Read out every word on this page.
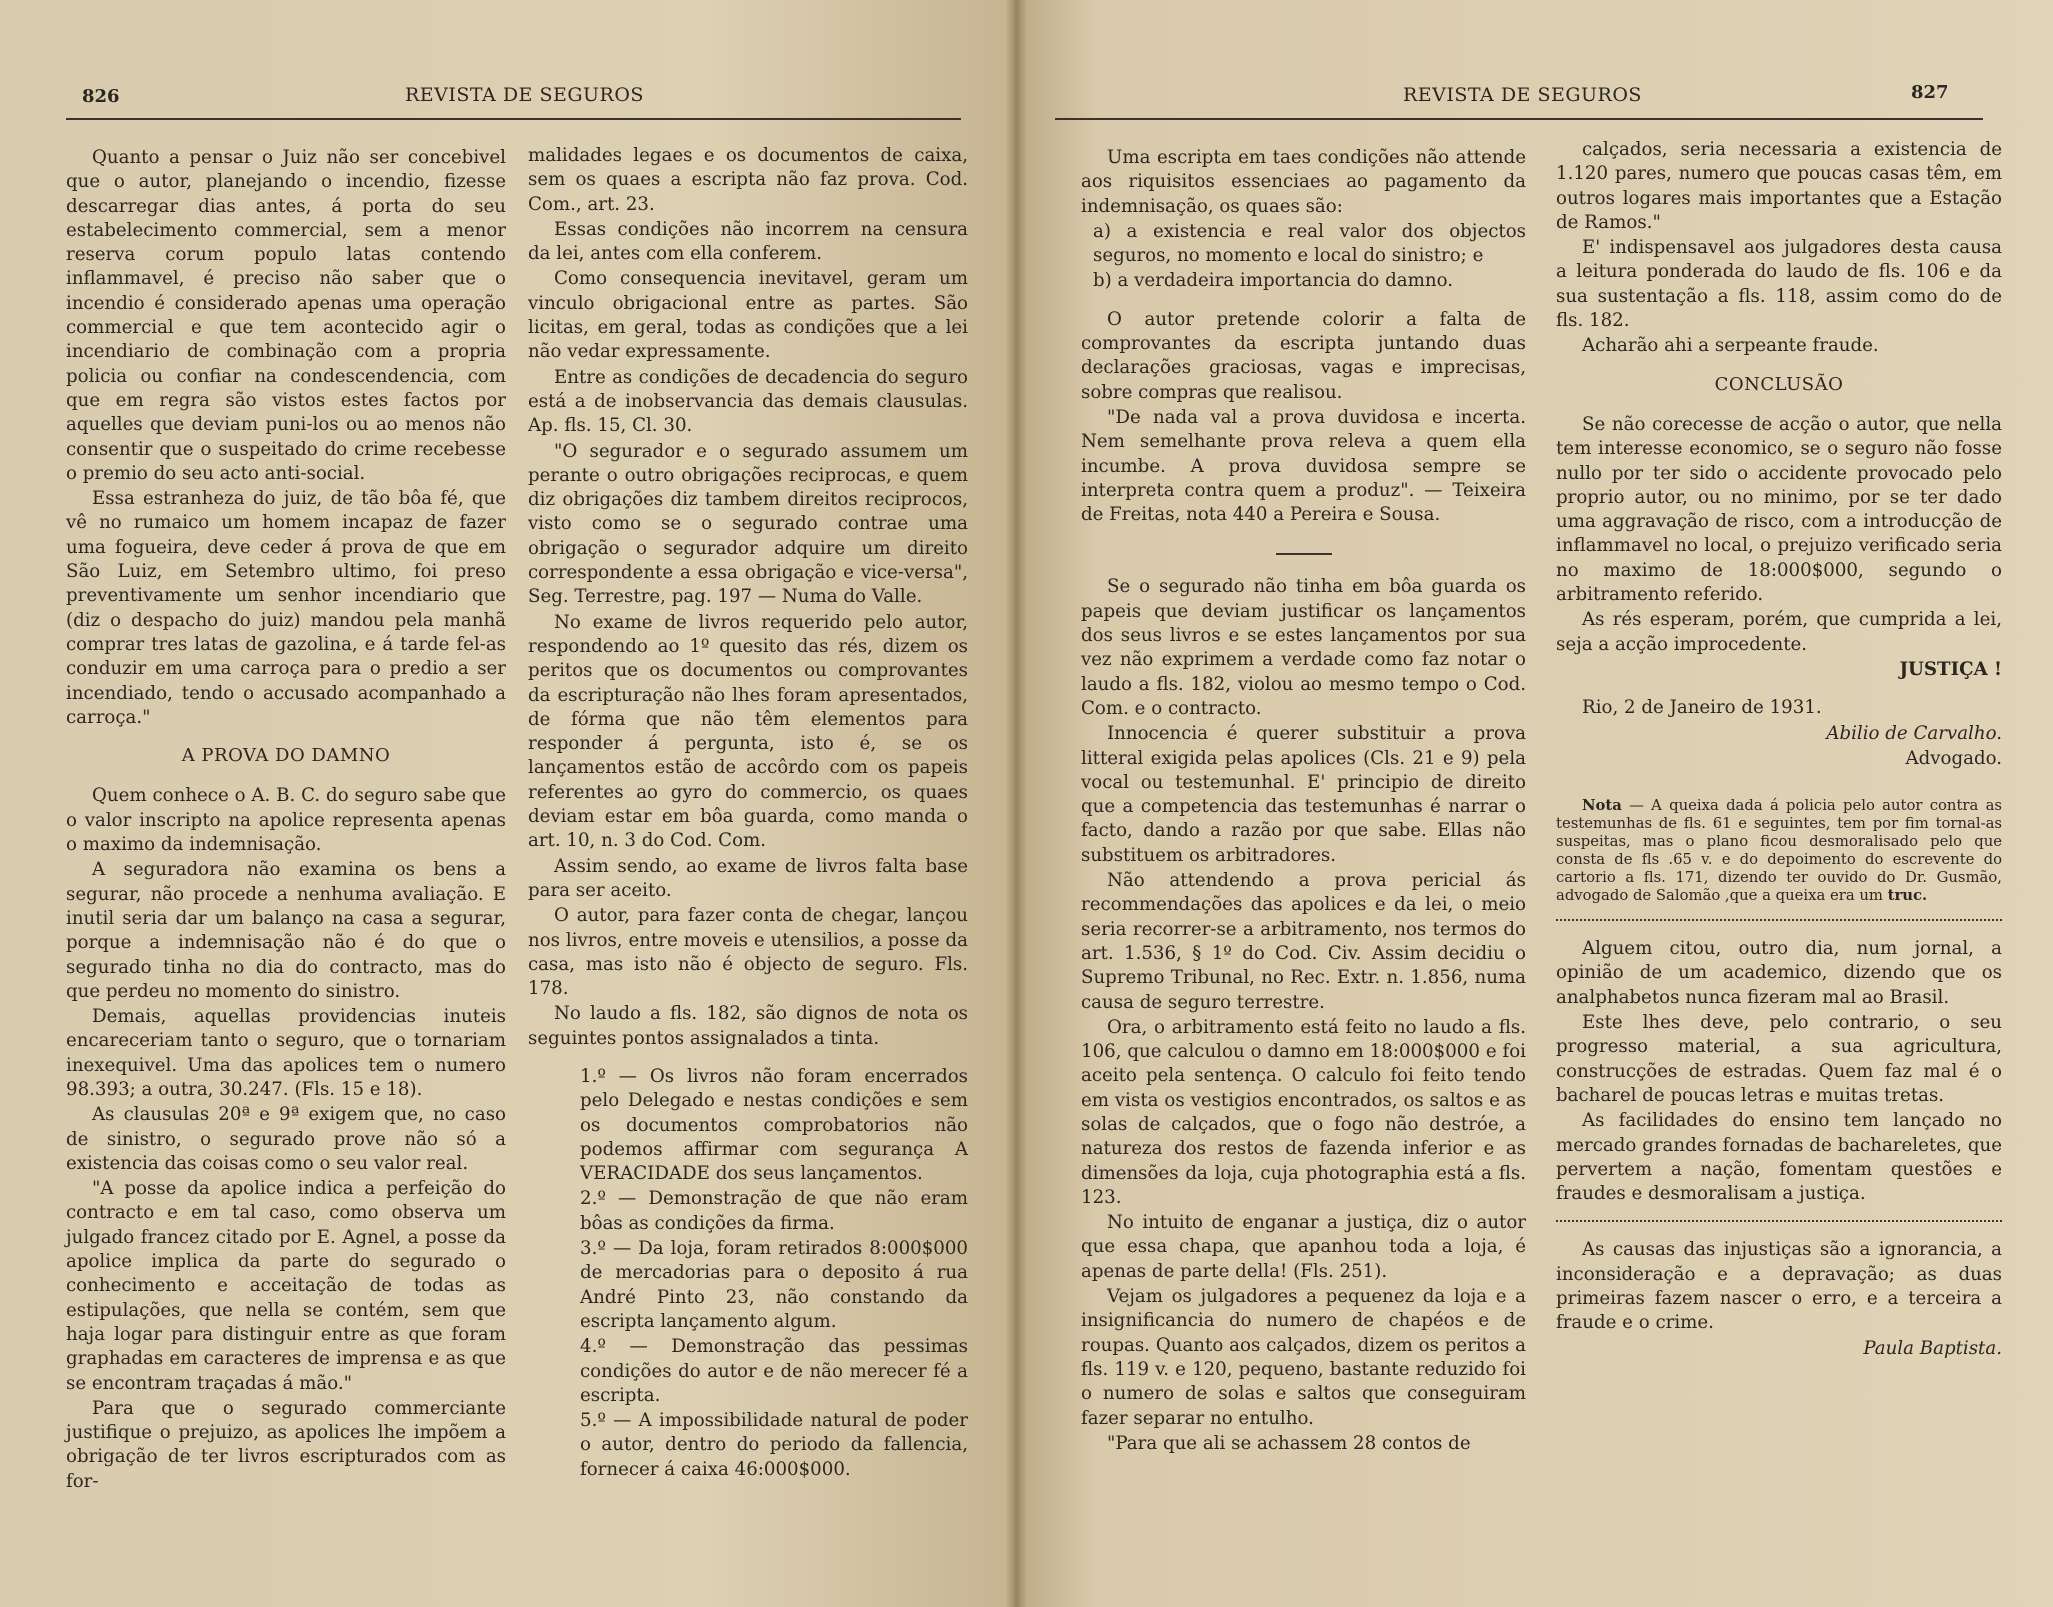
826	REVISTA DE SEGUROS

Quanto a pensar o Juiz não ser concebivel que o autor, planejando o incendio, fizesse descarregar dias antes, á porta do seu estabelecimento commercial, sem a menor reserva corum populo latas contendo inflammavel, é preciso não saber que o incendio é considerado apenas uma operação commercial e que tem acontecido agir o incendiario de combinação com a propria policia ou confiar na condescendencia, com que em regra são vistos estes factos por aquelles que deviam puni-los ou ao menos não consentir que o suspeitado do crime recebesse o premio do seu acto anti-social.

Essa estranheza do juiz, de tão bôa fé, que vê no rumaico um homem incapaz de fazer uma fogueira, deve ceder á prova de que em São Luiz, em Setembro ultimo, foi preso preventivamente um senhor incendiario que (diz o despacho do juiz) mandou pela manhã comprar tres latas de gazolina, e á tarde fel-as conduzir em uma carroça para o predio a ser incendiado, tendo o accusado acompanhado a carroça."

A PROVA DO DAMNO

Quem conhece o A. B. C. do seguro sabe que o valor inscripto na apolice representa apenas o maximo da indemnisação.

A seguradora não examina os bens a segurar, não procede a nenhuma avaliação. E inutil seria dar um balanço na casa a segurar, porque a indemnisação não é do que o segurado tinha no dia do contracto, mas do que perdeu no momento do sinistro.

Demais, aquellas providencias inuteis encareceriam tanto o seguro, que o tornariam inexequivel. Uma das apolices tem o numero 98.393; a outra, 30.247. (Fls. 15 e 18).

As clausulas 20ª e 9ª exigem que, no caso de sinistro, o segurado prove não só a existencia das coisas como o seu valor real.

"A posse da apolice indica a perfeição do contracto e em tal caso, como observa um julgado francez citado por E. Agnel, a posse da apolice implica da parte do segurado o conhecimento e acceitação de todas as estipulações, que nella se contém, sem que haja logar para distinguir entre as que foram graphadas em caracteres de imprensa e as que se encontram traçadas á mão."

Para que o segurado commerciante justifique o prejuizo, as apolices lhe impõem a obrigação de ter livros escripturados com as for-

malidades legaes e os documentos de caixa, sem os quaes a escripta não faz prova. Cod. Com., art. 23.

Essas condições não incorrem na censura da lei, antes com ella conferem.

Como consequencia inevitavel, geram um vinculo obrigacional entre as partes. São licitas, em geral, todas as condições que a lei não vedar expressamente.

Entre as condições de decadencia do seguro está a de inobservancia das demais clausulas. Ap. fls. 15, Cl. 30.

"O segurador e o segurado assumem um perante o outro obrigações reciprocas, e quem diz obrigações diz tambem direitos reciprocos, visto como se o segurado contrae uma obrigação o segurador adquire um direito correspondente a essa obrigação e vice-versa", Seg. Terrestre, pag. 197 — Numa do Valle.

No exame de livros requerido pelo autor, respondendo ao 1º quesito das rés, dizem os peritos que os documentos ou comprovantes da escripturação não lhes foram apresentados, de fórma que não têm elementos para responder á pergunta, isto é, se os lançamentos estão de accôrdo com os papeis referentes ao gyro do commercio, os quaes deviam estar em bôa guarda, como manda o art. 10, n. 3 do Cod. Com.

Assim sendo, ao exame de livros falta base para ser aceito.

O autor, para fazer conta de chegar, lançou nos livros, entre moveis e utensilios, a posse da casa, mas isto não é objecto de seguro. Fls. 178.

No laudo a fls. 182, são dignos de nota os seguintes pontos assignalados a tinta.

1.º — Os livros não foram encerrados pelo Delegado e nestas condições e sem os documentos comprobatorios não podemos affirmar com segurança A VERACIDADE dos seus lançamentos.

2.º — Demonstração de que não eram bôas as condições da firma.

3.º — Da loja, foram retirados 8:000$000 de mercadorias para o deposito á rua André Pinto 23, não constando da escripta lançamento algum.

4.º — Demonstração das pessimas condições do autor e de não merecer fé a escripta.

5.º — A impossibilidade natural de poder o autor, dentro do periodo da fallencia, fornecer á caixa 46:000$000.

REVISTA DE SEGUROS	827

Uma escripta em taes condições não attende aos riquisitos essenciaes ao pagamento da indemnisação, os quaes são:

a) a existencia e real valor dos objectos seguros, no momento e local do sinistro; e

b) a verdadeira importancia do damno.

O autor pretende colorir a falta de comprovantes da escripta juntando duas declarações graciosas, vagas e imprecisas, sobre compras que realisou.

"De nada val a prova duvidosa e incerta. Nem semelhante prova releva a quem ella incumbe. A prova duvidosa sempre se interpreta contra quem a produz". — Teixeira de Freitas, nota 440 a Pereira e Sousa.

Se o segurado não tinha em bôa guarda os papeis que deviam justificar os lançamentos dos seus livros e se estes lançamentos por sua vez não exprimem a verdade como faz notar o laudo a fls. 182, violou ao mesmo tempo o Cod. Com. e o contracto.

Innocencia é querer substituir a prova litteral exigida pelas apolices (Cls. 21 e 9) pela vocal ou testemunhal. E' principio de direito que a competencia das testemunhas é narrar o facto, dando a razão por que sabe. Ellas não substituem os arbitradores.

Não attendendo a prova pericial ás recommendações das apolices e da lei, o meio seria recorrer-se a arbitramento, nos termos do art. 1.536, § 1º do Cod. Civ. Assim decidiu o Supremo Tribunal, no Rec. Extr. n. 1.856, numa causa de seguro terrestre.

Ora, o arbitramento está feito no laudo a fls. 106, que calculou o damno em 18:000$000 e foi aceito pela sentença. O calculo foi feito tendo em vista os vestigios encontrados, os saltos e as solas de calçados, que o fogo não destróe, a natureza dos restos de fazenda inferior e as dimensões da loja, cuja photographia está a fls. 123.

No intuito de enganar a justiça, diz o autor que essa chapa, que apanhou toda a loja, é apenas de parte della! (Fls. 251).

Vejam os julgadores a pequenez da loja e a insignificancia do numero de chapéos e de roupas. Quanto aos calçados, dizem os peritos a fls. 119 v. e 120, pequeno, bastante reduzido foi o numero de solas e saltos que conseguiram fazer separar no entulho.

"Para que ali se achassem 28 contos de

calçados, seria necessaria a existencia de 1.120 pares, numero que poucas casas têm, em outros logares mais importantes que a Estação de Ramos."

E' indispensavel aos julgadores desta causa a leitura ponderada do laudo de fls. 106 e da sua sustentação a fls. 118, assim como do de fls. 182.

Acharão ahi a serpeante fraude.

CONCLUSÃO

Se não corecesse de acção o autor, que nella tem interesse economico, se o seguro não fosse nullo por ter sido o accidente provocado pelo proprio autor, ou no minimo, por se ter dado uma aggravação de risco, com a introducção de inflammavel no local, o prejuizo verificado seria no maximo de 18:000$000, segundo o arbitramento referido.

As rés esperam, porém, que cumprida a lei, seja a acção improcedente.

JUSTIÇA !

Rio, 2 de Janeiro de 1931.

Abilio de Carvalho.

Advogado.

Nota — A queixa dada á policia pelo autor contra as testemunhas de fls. 61 e seguintes, tem por fim tornal-as suspeitas, mas o plano ficou desmoralisado pelo que consta de fls .65 v. e do depoimento do escrevente do cartorio a fls. 171, dizendo ter ouvido do Dr. Gusmão, advogado de Salomão ,que a queixa era um truc.

Alguem citou, outro dia, num jornal, a opinião de um academico, dizendo que os analphabetos nunca fizeram mal ao Brasil.

Este lhes deve, pelo contrario, o seu progresso material, a sua agricultura, construcções de estradas. Quem faz mal é o bacharel de poucas letras e muitas tretas.

As facilidades do ensino tem lançado no mercado grandes fornadas de bachareletes, que pervertem a nação, fomentam questões e fraudes e desmoralisam a justiça.

As causas das injustiças são a ignorancia, a inconsideração e a depravação; as duas primeiras fazem nascer o erro, e a terceira a fraude e o crime.

Paula Baptista.
